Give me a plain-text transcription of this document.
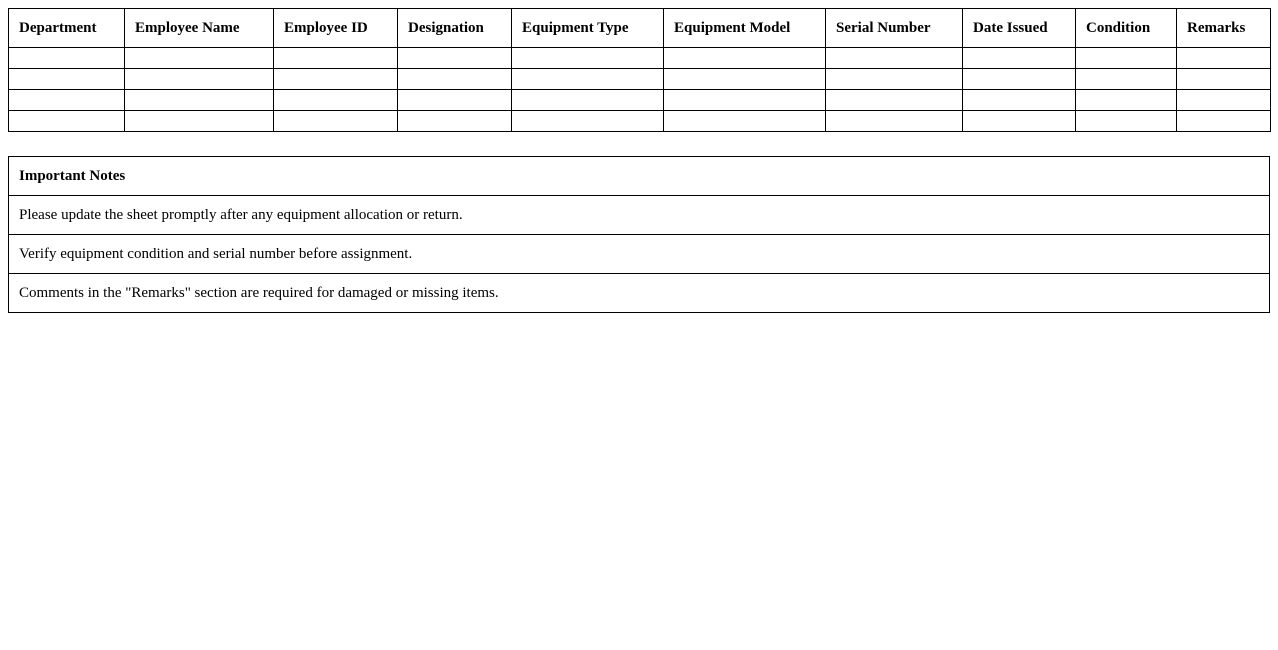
Department	Employee Name	Employee ID	Designation	Equipment Type	Equipment Model	Serial Number	Date Issued	Condition	Remarks

Important Notes
Please update the sheet promptly after any equipment allocation or return.
Verify equipment condition and serial number before assignment.
Comments in the "Remarks" section are required for damaged or missing items.
